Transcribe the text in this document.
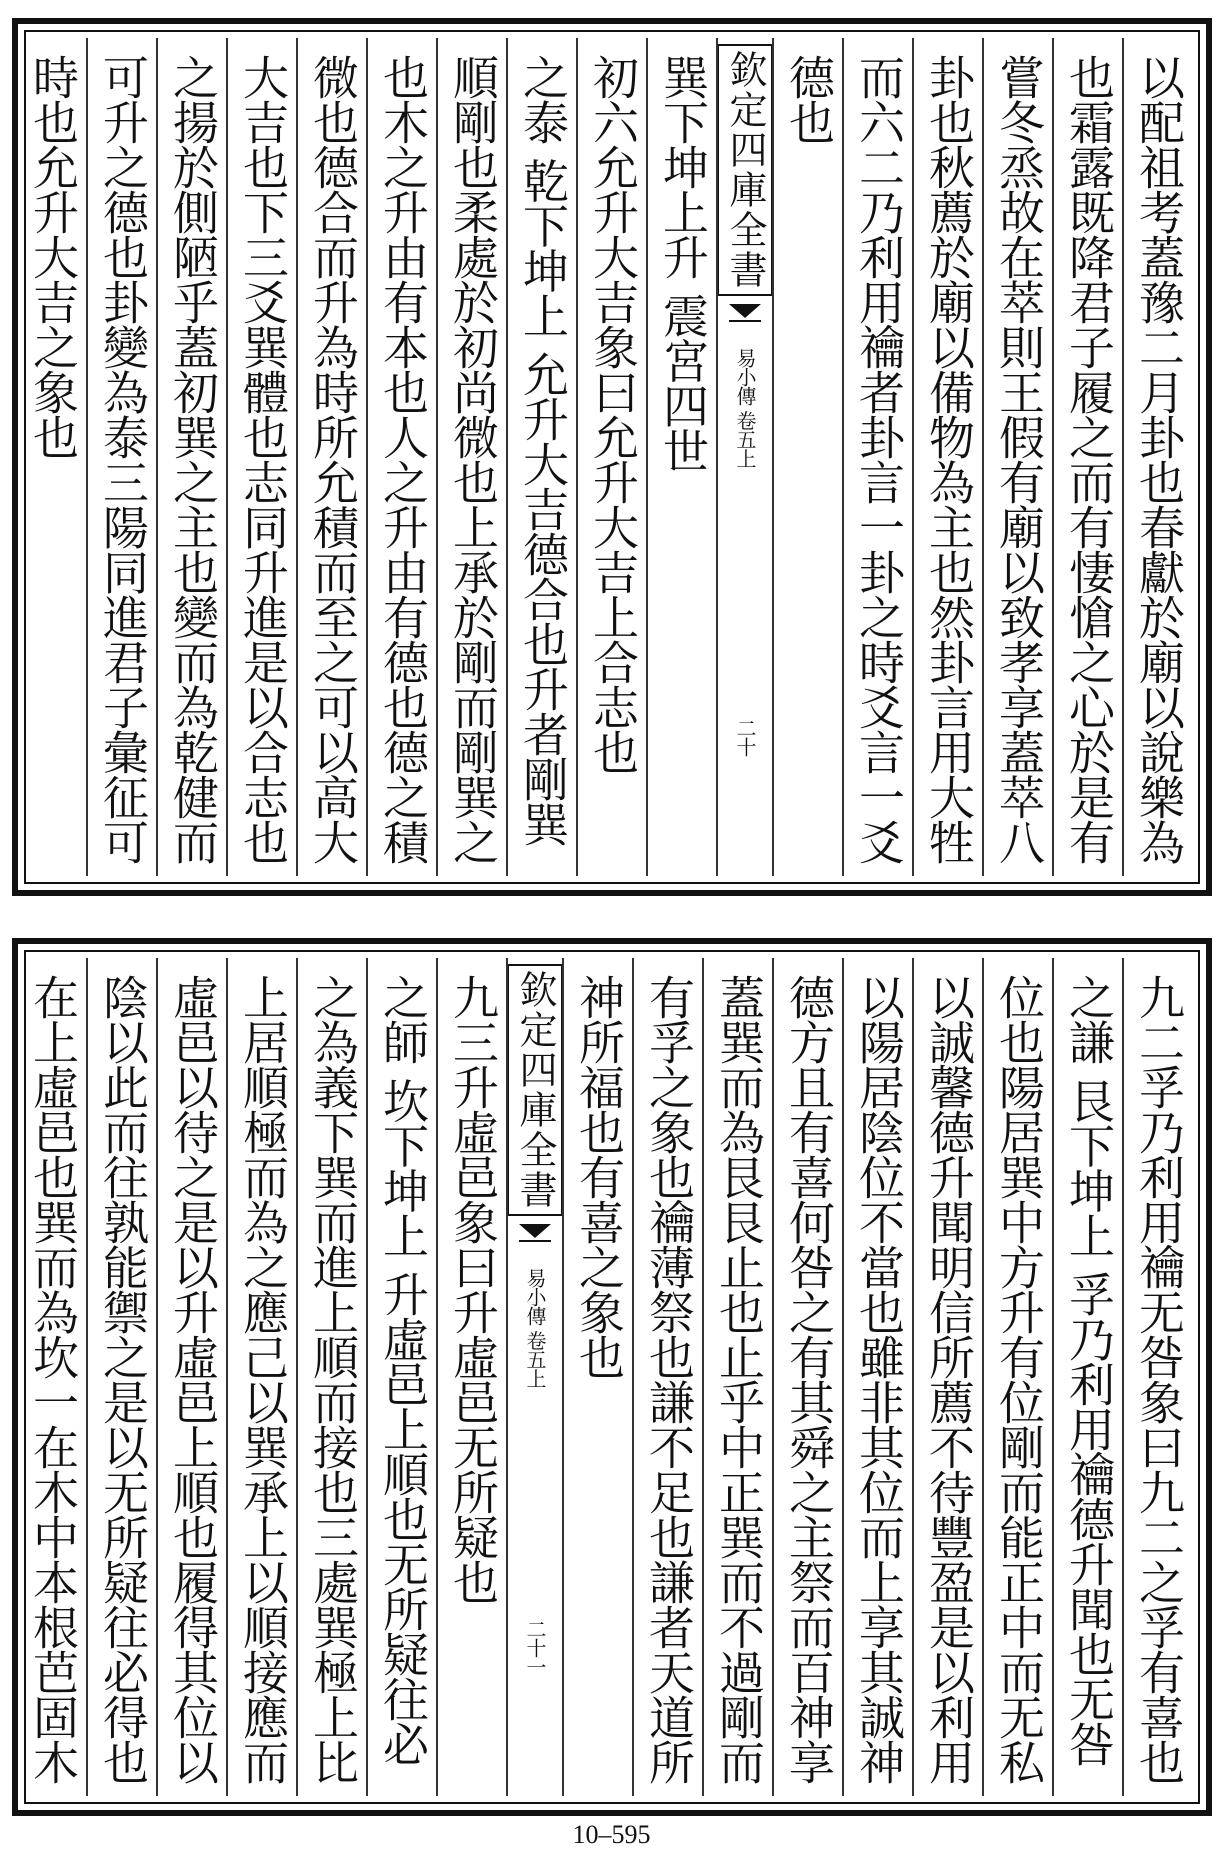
以配祖考蓋豫二月卦也春獻於廟以說樂為
也霜露既降君子履之而有悽愴之心於是有
嘗冬烝故在萃則王假有廟以致孝享蓋萃八
卦也秋薦於廟以備物為主也然卦言用大牲
而六二乃利用禴者卦言一卦之時爻言一爻
德也
欽定四庫全書
易小傳 卷五上
二十
巽下坤上升 震宮四世
初六允升大吉象曰允升大吉上合志也
之泰 乾下坤上 允升大吉德合也升者剛巽
順剛也柔處於初尚微也上承於剛而剛巽之
也木之升由有本也人之升由有德也德之積
微也德合而升為時所允積而至之可以高大
大吉也下三爻巽體也志同升進是以合志也
之揚於側陋乎蓋初巽之主也變而為乾健而
可升之德也卦變為泰三陽同進君子彙征可
時也允升大吉之象也
九二孚乃利用禴无咎象曰九二之孚有喜也
之謙 艮下坤上 孚乃利用禴德升聞也无咎
位也陽居巽中方升有位剛而能正中而无私
以誠馨德升聞明信所薦不待豐盈是以利用
以陽居陰位不當也雖非其位而上享其誠神
德方且有喜何咎之有其舜之主祭而百神享
蓋巽而為艮艮止也止乎中正巽而不過剛而
有孚之象也禴薄祭也謙不足也謙者天道所
神所福也有喜之象也
欽定四庫全書
易小傳 卷五上
二十一
九三升虛邑象曰升虛邑无所疑也
之師 坎下坤上 升虛邑上順也无所疑往必
之為義下巽而進上順而接也三處巽極上比
上居順極而為之應己以巽承上以順接應而
虛邑以待之是以升虛邑上順也履得其位以
陰以此而往孰能禦之是以无所疑往必得也
在上虛邑也巽而為坎一在木中本根芭固木
10–595
